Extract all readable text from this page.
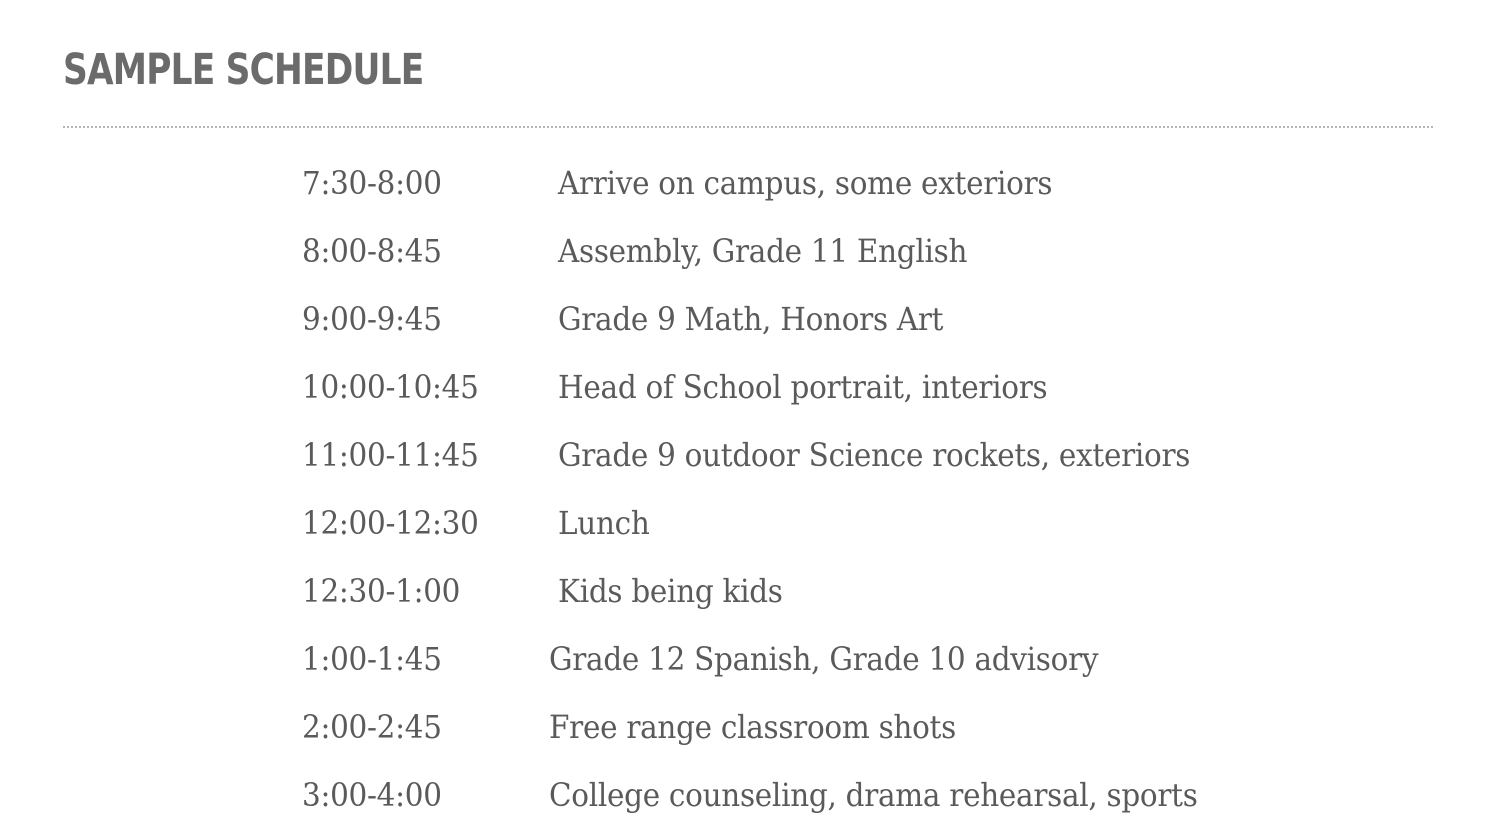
SAMPLE SCHEDULE
7:30-8:00	Arrive on campus, some exteriors
8:00-8:45	Assembly, Grade 11 English
9:00-9:45	Grade 9 Math, Honors Art
10:00-10:45 Head of School portrait, interiors
11:00-11:45 Grade 9 outdoor Science rockets, exteriors
12:00-12:30 Lunch
12:30-1:00	Kids being kids
1:00-1:45	Grade 12 Spanish, Grade 10 advisory
2:00-2:45	Free range classroom shots
3:00-4:00	College counseling, drama rehearsal, sports
